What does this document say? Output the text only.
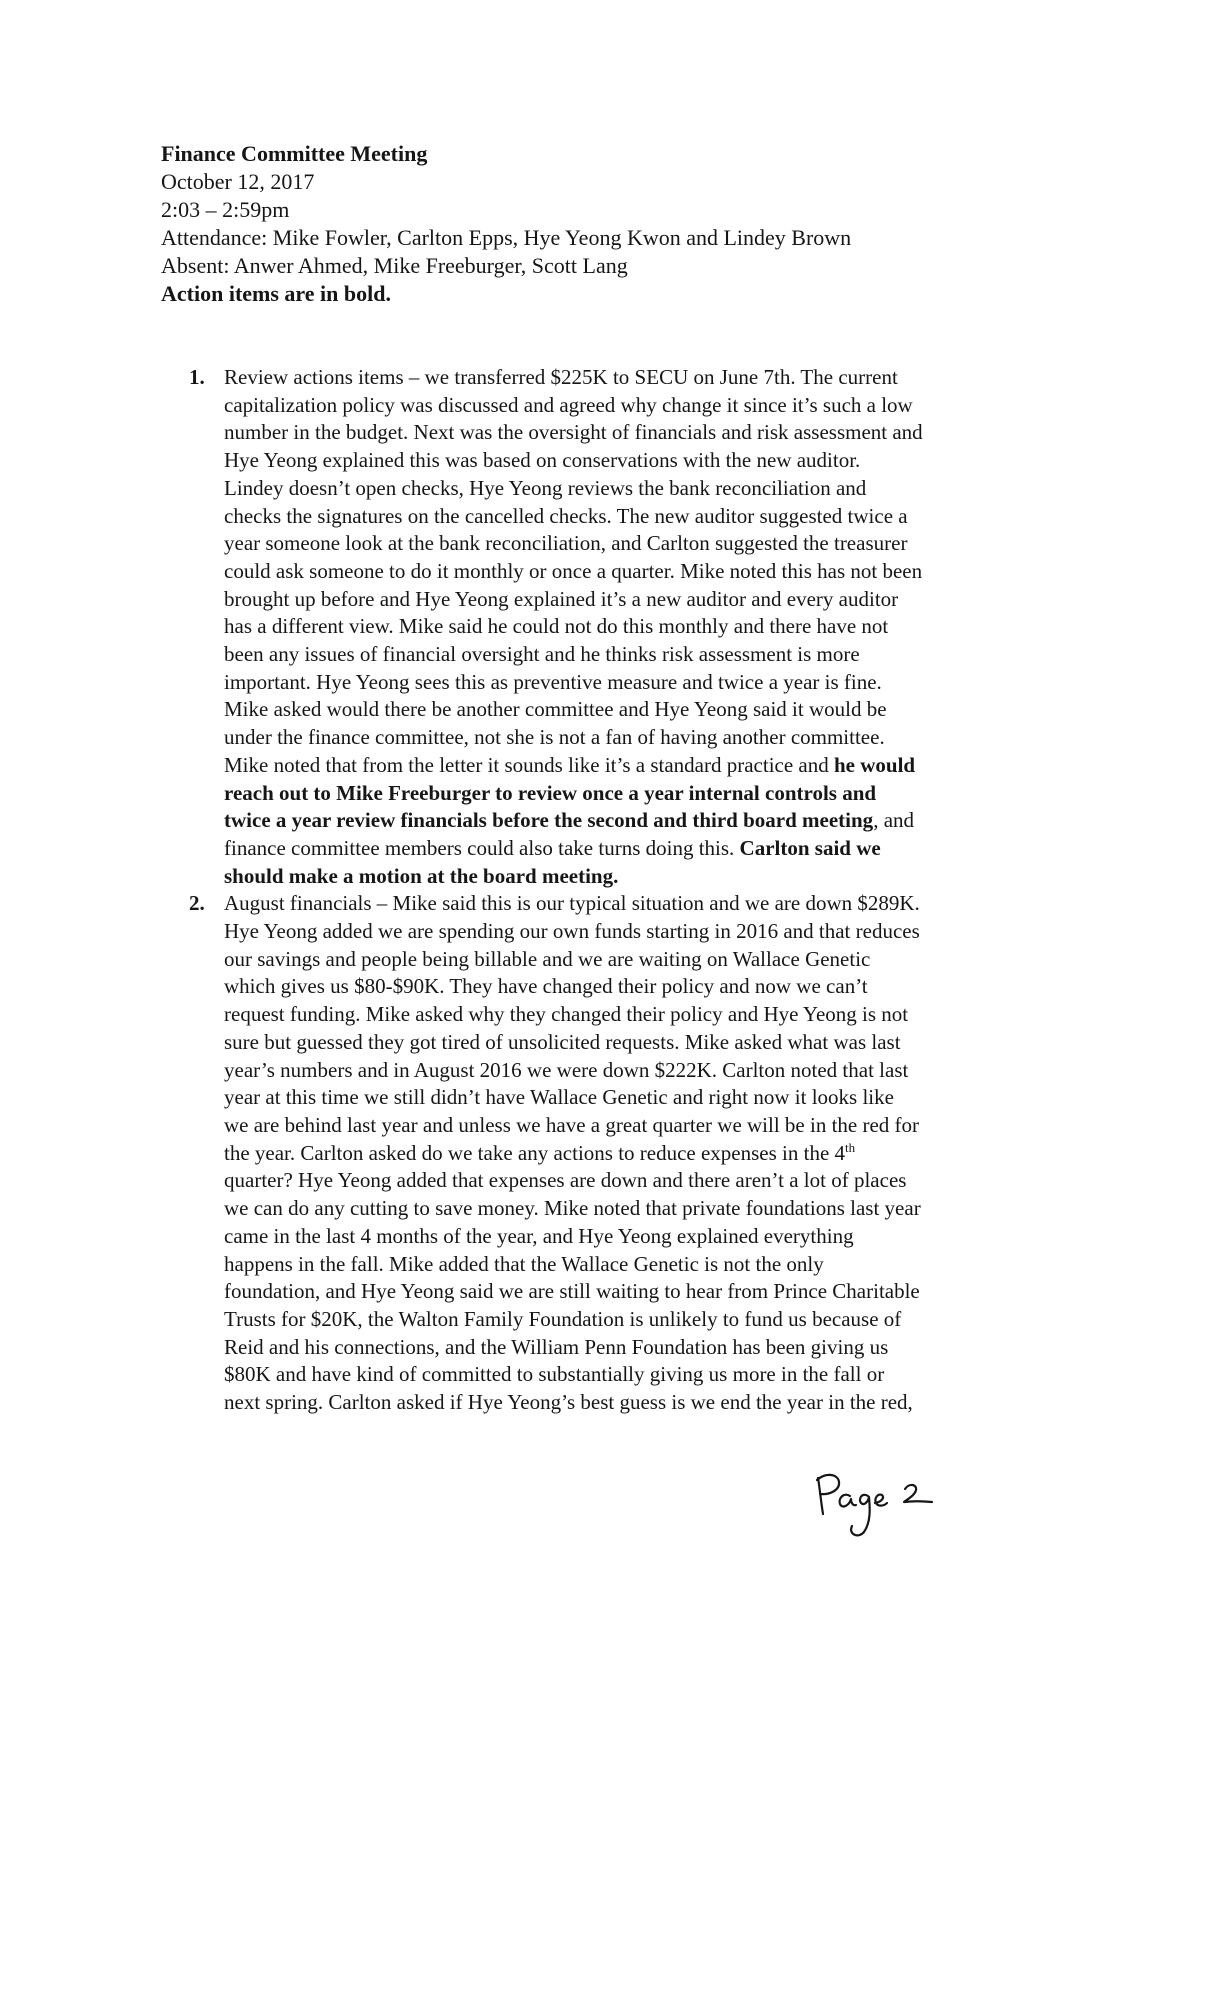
Finance Committee Meeting
October 12, 2017
2:03 – 2:59pm
Attendance: Mike Fowler, Carlton Epps, Hye Yeong Kwon and Lindey Brown
Absent: Anwer Ahmed, Mike Freeburger, Scott Lang
Action items are in bold.
1. Review actions items – we transferred $225K to SECU on June 7th. The current
capitalization policy was discussed and agreed why change it since it’s such a low
number in the budget. Next was the oversight of financials and risk assessment and
Hye Yeong explained this was based on conservations with the new auditor.
Lindey doesn’t open checks, Hye Yeong reviews the bank reconciliation and
checks the signatures on the cancelled checks. The new auditor suggested twice a
year someone look at the bank reconciliation, and Carlton suggested the treasurer
could ask someone to do it monthly or once a quarter. Mike noted this has not been
brought up before and Hye Yeong explained it’s a new auditor and every auditor
has a different view. Mike said he could not do this monthly and there have not
been any issues of financial oversight and he thinks risk assessment is more
important. Hye Yeong sees this as preventive measure and twice a year is fine.
Mike asked would there be another committee and Hye Yeong said it would be
under the finance committee, not she is not a fan of having another committee.
Mike noted that from the letter it sounds like it’s a standard practice and he would
reach out to Mike Freeburger to review once a year internal controls and
twice a year review financials before the second and third board meeting, and
finance committee members could also take turns doing this. Carlton said we
should make a motion at the board meeting.
2. August financials – Mike said this is our typical situation and we are down $289K.
Hye Yeong added we are spending our own funds starting in 2016 and that reduces
our savings and people being billable and we are waiting on Wallace Genetic
which gives us $80-$90K. They have changed their policy and now we can’t
request funding. Mike asked why they changed their policy and Hye Yeong is not
sure but guessed they got tired of unsolicited requests. Mike asked what was last
year’s numbers and in August 2016 we were down $222K. Carlton noted that last
year at this time we still didn’t have Wallace Genetic and right now it looks like
we are behind last year and unless we have a great quarter we will be in the red for
the year. Carlton asked do we take any actions to reduce expenses in the 4th
quarter? Hye Yeong added that expenses are down and there aren’t a lot of places
we can do any cutting to save money. Mike noted that private foundations last year
came in the last 4 months of the year, and Hye Yeong explained everything
happens in the fall. Mike added that the Wallace Genetic is not the only
foundation, and Hye Yeong said we are still waiting to hear from Prince Charitable
Trusts for $20K, the Walton Family Foundation is unlikely to fund us because of
Reid and his connections, and the William Penn Foundation has been giving us
$80K and have kind of committed to substantially giving us more in the fall or
next spring. Carlton asked if Hye Yeong’s best guess is we end the year in the red,
